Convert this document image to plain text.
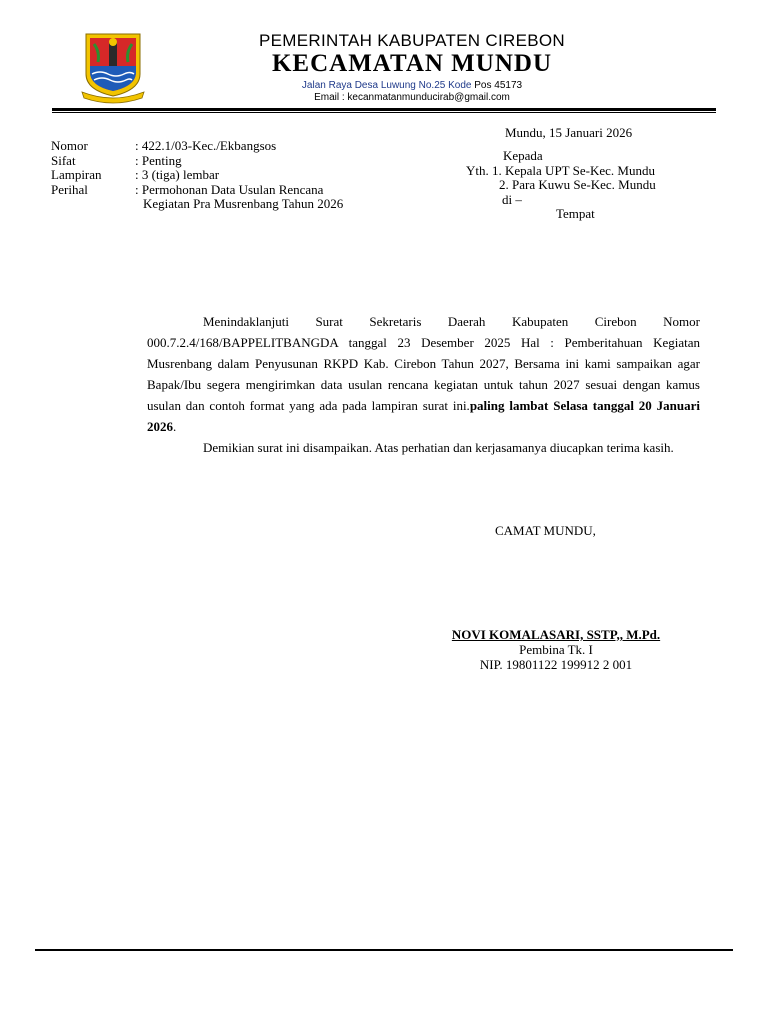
PEMERINTAH KABUPATEN CIREBON
KECAMATAN MUNDU
Jalan Raya Desa Luwung No.25 Kode Pos 45173
Email : kecanmatanmunducirab@gmail.com
Nomor	: 422.1/03-Kec./Ekbangsos
Sifat	: Penting
Lampiran	: 3 (tiga) lembar
Perihal	: Permohonan Data Usulan Rencana
Kegiatan Pra Musrenbang Tahun 2026
Mundu, 15 Januari 2026
Kepada
Yth. 1. Kepala UPT Se-Kec. Mundu
2. Para Kuwu Se-Kec. Mundu
di –
Tempat

Menindaklanjuti Surat Sekretaris Daerah Kabupaten Cirebon Nomor 000.7.2.4/168/BAPPELITBANGDA tanggal 23 Desember 2025 Hal : Pemberitahuan Kegiatan Musrenbang dalam Penyusunan RKPD Kab. Cirebon Tahun 2027, Bersama ini kami sampaikan agar Bapak/Ibu segera mengirimkan data usulan rencana kegiatan untuk tahun 2027 sesuai dengan kamus usulan dan contoh format yang ada pada lampiran surat ini.paling lambat Selasa tanggal 20 Januari 2026.

Demikian surat ini disampaikan. Atas perhatian dan kerjasamanya diucapkan terima kasih.

CAMAT MUNDU,
NOVI KOMALASARI, SSTP,, M.Pd.
Pembina Tk. I
NIP. 19801122 199912 2 001
